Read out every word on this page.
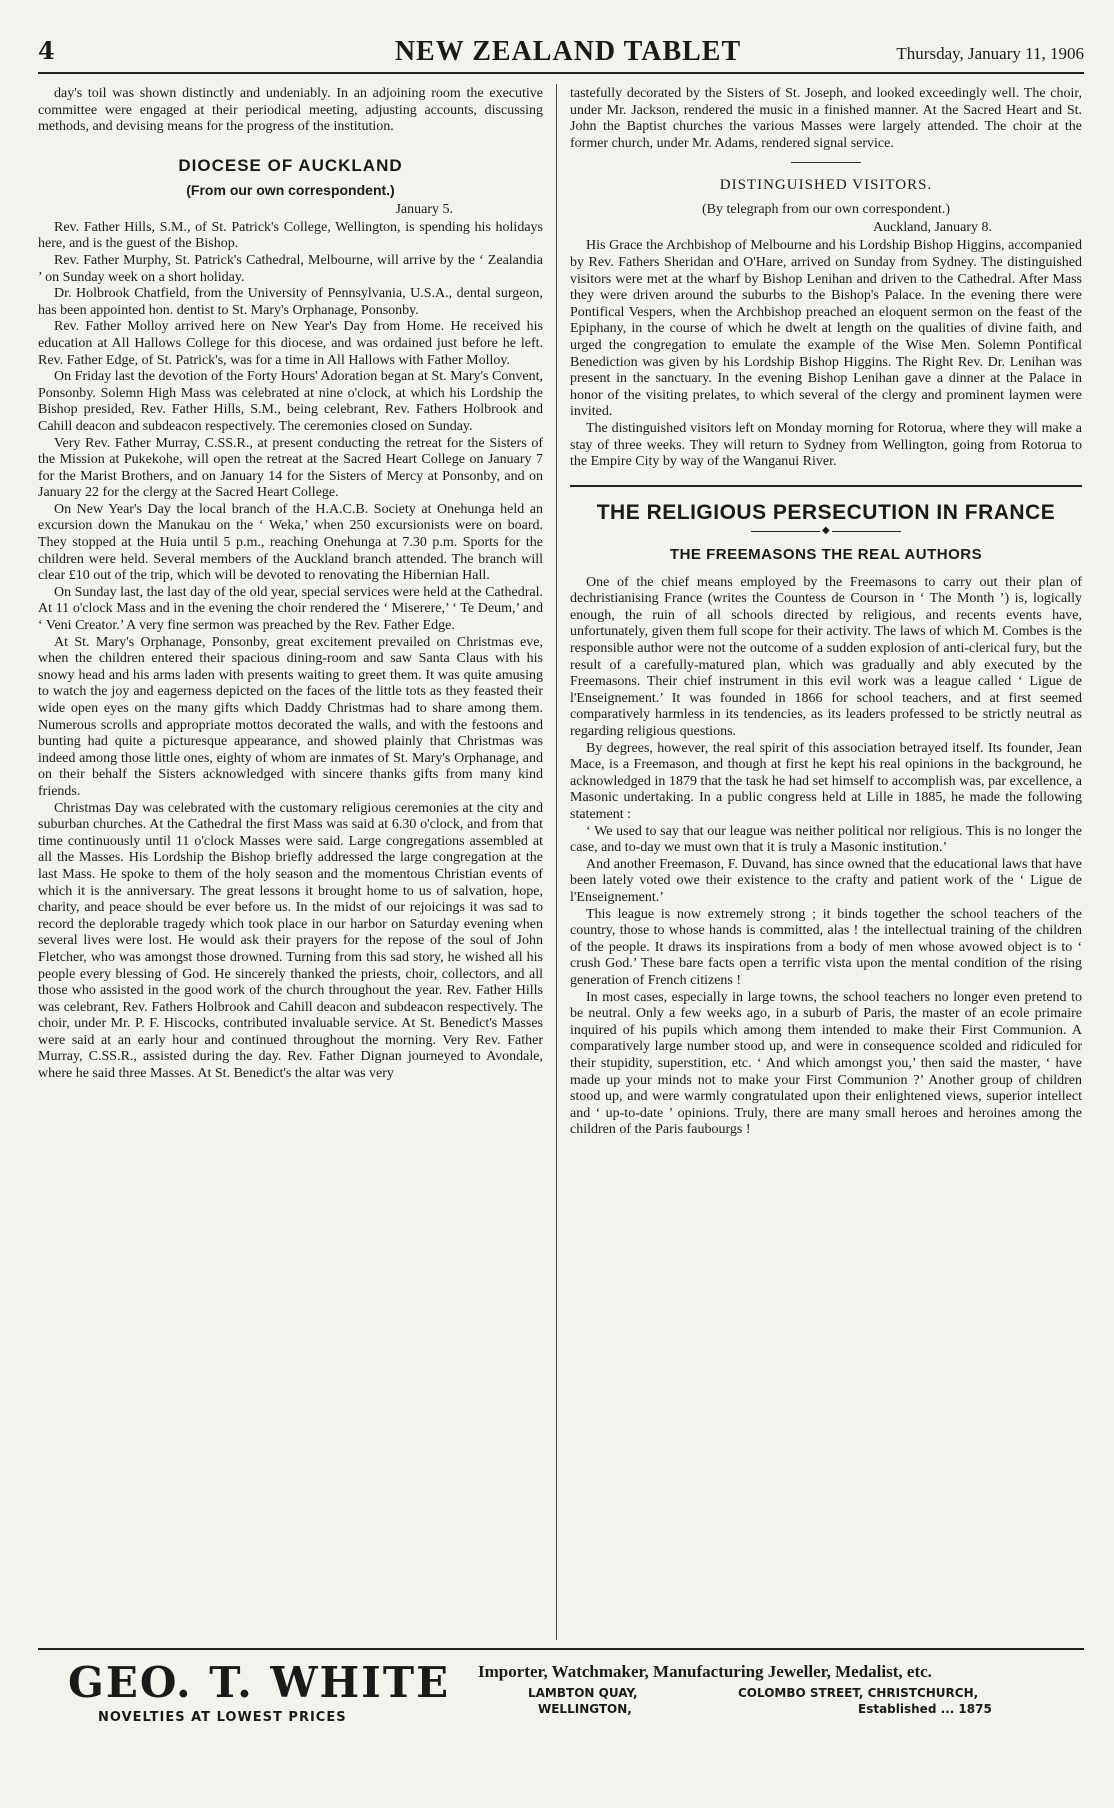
4	NEW ZEALAND TABLET	Thursday, January 11, 1906

day's toil was shown distinctly and undeniably. In an adjoining room the executive committee were engaged at their periodical meeting, adjusting accounts, discussing methods, and devising means for the progress of the institution.

DIOCESE OF AUCKLAND
(From our own correspondent.)
January 5.

Rev. Father Hills, S.M., of St. Patrick's College, Wellington, is spending his holidays here, and is the guest of the Bishop.

Rev. Father Murphy, St. Patrick's Cathedral, Melbourne, will arrive by the ‘ Zealandia ’ on Sunday week on a short holiday.

Dr. Holbrook Chatfield, from the University of Pennsylvania, U.S.A., dental surgeon, has been appointed hon. dentist to St. Mary's Orphanage, Ponsonby.

Rev. Father Molloy arrived here on New Year's Day from Home. He received his education at All Hallows College for this diocese, and was ordained just before he left. Rev. Father Edge, of St. Patrick's, was for a time in All Hallows with Father Molloy.

On Friday last the devotion of the Forty Hours' Adoration began at St. Mary's Convent, Ponsonby. Solemn High Mass was celebrated at nine o'clock, at which his Lordship the Bishop presided, Rev. Father Hills, S.M., being celebrant, Rev. Fathers Holbrook and Cahill deacon and subdeacon respectively. The ceremonies closed on Sunday.

Very Rev. Father Murray, C.SS.R., at present conducting the retreat for the Sisters of the Mission at Pukekohe, will open the retreat at the Sacred Heart College on January 7 for the Marist Brothers, and on January 14 for the Sisters of Mercy at Ponsonby, and on January 22 for the clergy at the Sacred Heart College.

On New Year's Day the local branch of the H.A.C.B. Society at Onehunga held an excursion down the Manukau on the ‘ Weka,’ when 250 excursionists were on board. They stopped at the Huia until 5 p.m., reaching Onehunga at 7.30 p.m. Sports for the children were held. Several members of the Auckland branch attended. The branch will clear £10 out of the trip, which will be devoted to renovating the Hibernian Hall.

On Sunday last, the last day of the old year, special services were held at the Cathedral. At 11 o'clock Mass and in the evening the choir rendered the ‘ Miserere,’ ‘ Te Deum,’ and ‘ Veni Creator.’ A very fine sermon was preached by the Rev. Father Edge.

At St. Mary's Orphanage, Ponsonby, great excitement prevailed on Christmas eve, when the children entered their spacious dining-room and saw Santa Claus with his snowy head and his arms laden with presents waiting to greet them. It was quite amusing to watch the joy and eagerness depicted on the faces of the little tots as they feasted their wide open eyes on the many gifts which Daddy Christmas had to share among them. Numerous scrolls and appropriate mottos decorated the walls, and with the festoons and bunting had quite a picturesque appearance, and showed plainly that Christmas was indeed among those little ones, eighty of whom are inmates of St. Mary's Orphanage, and on their behalf the Sisters acknowledged with sincere thanks gifts from many kind friends.

Christmas Day was celebrated with the customary religious ceremonies at the city and suburban churches. At the Cathedral the first Mass was said at 6.30 o'clock, and from that time continuously until 11 o'clock Masses were said. Large congregations assembled at all the Masses. His Lordship the Bishop briefly addressed the large congregation at the last Mass. He spoke to them of the holy season and the momentous Christian events of which it is the anniversary. The great lessons it brought home to us of salvation, hope, charity, and peace should be ever before us. In the midst of our rejoicings it was sad to record the deplorable tragedy which took place in our harbor on Saturday evening when several lives were lost. He would ask their prayers for the repose of the soul of John Fletcher, who was amongst those drowned. Turning from this sad story, he wished all his people every blessing of God. He sincerely thanked the priests, choir, collectors, and all those who assisted in the good work of the church throughout the year. Rev. Father Hills was celebrant, Rev. Fathers Holbrook and Cahill deacon and subdeacon respectively. The choir, under Mr. P. F. Hiscocks, contributed invaluable service. At St. Benedict's Masses were said at an early hour and continued throughout the morning. Very Rev. Father Murray, C.SS.R., assisted during the day. Rev. Father Dignan journeyed to Avondale, where he said three Masses. At St. Benedict's the altar was very

tastefully decorated by the Sisters of St. Joseph, and looked exceedingly well. The choir, under Mr. Jackson, rendered the music in a finished manner. At the Sacred Heart and St. John the Baptist churches the various Masses were largely attended. The choir at the former church, under Mr. Adams, rendered signal service.

DISTINGUISHED VISITORS.
(By telegraph from our own correspondent.)
Auckland, January 8.

His Grace the Archbishop of Melbourne and his Lordship Bishop Higgins, accompanied by Rev. Fathers Sheridan and O'Hare, arrived on Sunday from Sydney. The distinguished visitors were met at the wharf by Bishop Lenihan and driven to the Cathedral. After Mass they were driven around the suburbs to the Bishop's Palace. In the evening there were Pontifical Vespers, when the Archbishop preached an eloquent sermon on the feast of the Epiphany, in the course of which he dwelt at length on the qualities of divine faith, and urged the congregation to emulate the example of the Wise Men. Solemn Pontifical Benediction was given by his Lordship Bishop Higgins. The Right Rev. Dr. Lenihan was present in the sanctuary. In the evening Bishop Lenihan gave a dinner at the Palace in honor of the visiting prelates, to which several of the clergy and prominent laymen were invited.

The distinguished visitors left on Monday morning for Rotorua, where they will make a stay of three weeks. They will return to Sydney from Wellington, going from Rotorua to the Empire City by way of the Wanganui River.

THE RELIGIOUS PERSECUTION IN FRANCE
◆
THE FREEMASONS THE REAL AUTHORS

One of the chief means employed by the Freemasons to carry out their plan of dechristianising France (writes the Countess de Courson in ‘ The Month ’) is, logically enough, the ruin of all schools directed by religious, and recents events have, unfortunately, given them full scope for their activity. The laws of which M. Combes is the responsible author were not the outcome of a sudden explosion of anti-clerical fury, but the result of a carefully-matured plan, which was gradually and ably executed by the Freemasons. Their chief instrument in this evil work was a league called ‘ Ligue de l'Enseignement.’ It was founded in 1866 for school teachers, and at first seemed comparatively harmless in its tendencies, as its leaders professed to be strictly neutral as regarding religious questions.

By degrees, however, the real spirit of this association betrayed itself. Its founder, Jean Mace, is a Freemason, and though at first he kept his real opinions in the background, he acknowledged in 1879 that the task he had set himself to accomplish was, par excellence, a Masonic undertaking. In a public congress held at Lille in 1885, he made the following statement :

‘ We used to say that our league was neither political nor religious. This is no longer the case, and to-day we must own that it is truly a Masonic institution.’

And another Freemason, F. Duvand, has since owned that the educational laws that have been lately voted owe their existence to the crafty and patient work of the ‘ Ligue de l'Enseignement.’

This league is now extremely strong ; it binds together the school teachers of the country, those to whose hands is committed, alas ! the intellectual training of the children of the people. It draws its inspirations from a body of men whose avowed object is to ‘ crush God.’ These bare facts open a terrific vista upon the mental condition of the rising generation of French citizens !

In most cases, especially in large towns, the school teachers no longer even pretend to be neutral. Only a few weeks ago, in a suburb of Paris, the master of an ecole primaire inquired of his pupils which among them intended to make their First Communion. A comparatively large number stood up, and were in consequence scolded and ridiculed for their stupidity, superstition, etc. ‘ And which amongst you,’ then said the master, ‘ have made up your minds not to make your First Communion ?’ Another group of children stood up, and were warmly congratulated upon their enlightened views, superior intellect and ‘ up-to-date ’ opinions. Truly, there are many small heroes and heroines among the children of the Paris faubourgs !

GEO. T. WHITE
NOVELTIES AT LOWEST PRICES
Importer, Watchmaker, Manufacturing Jeweller, Medalist, etc.
LAMBTON QUAY,	COLOMBO STREET, CHRISTCHURCH,
WELLINGTON,	Established ... 1875
